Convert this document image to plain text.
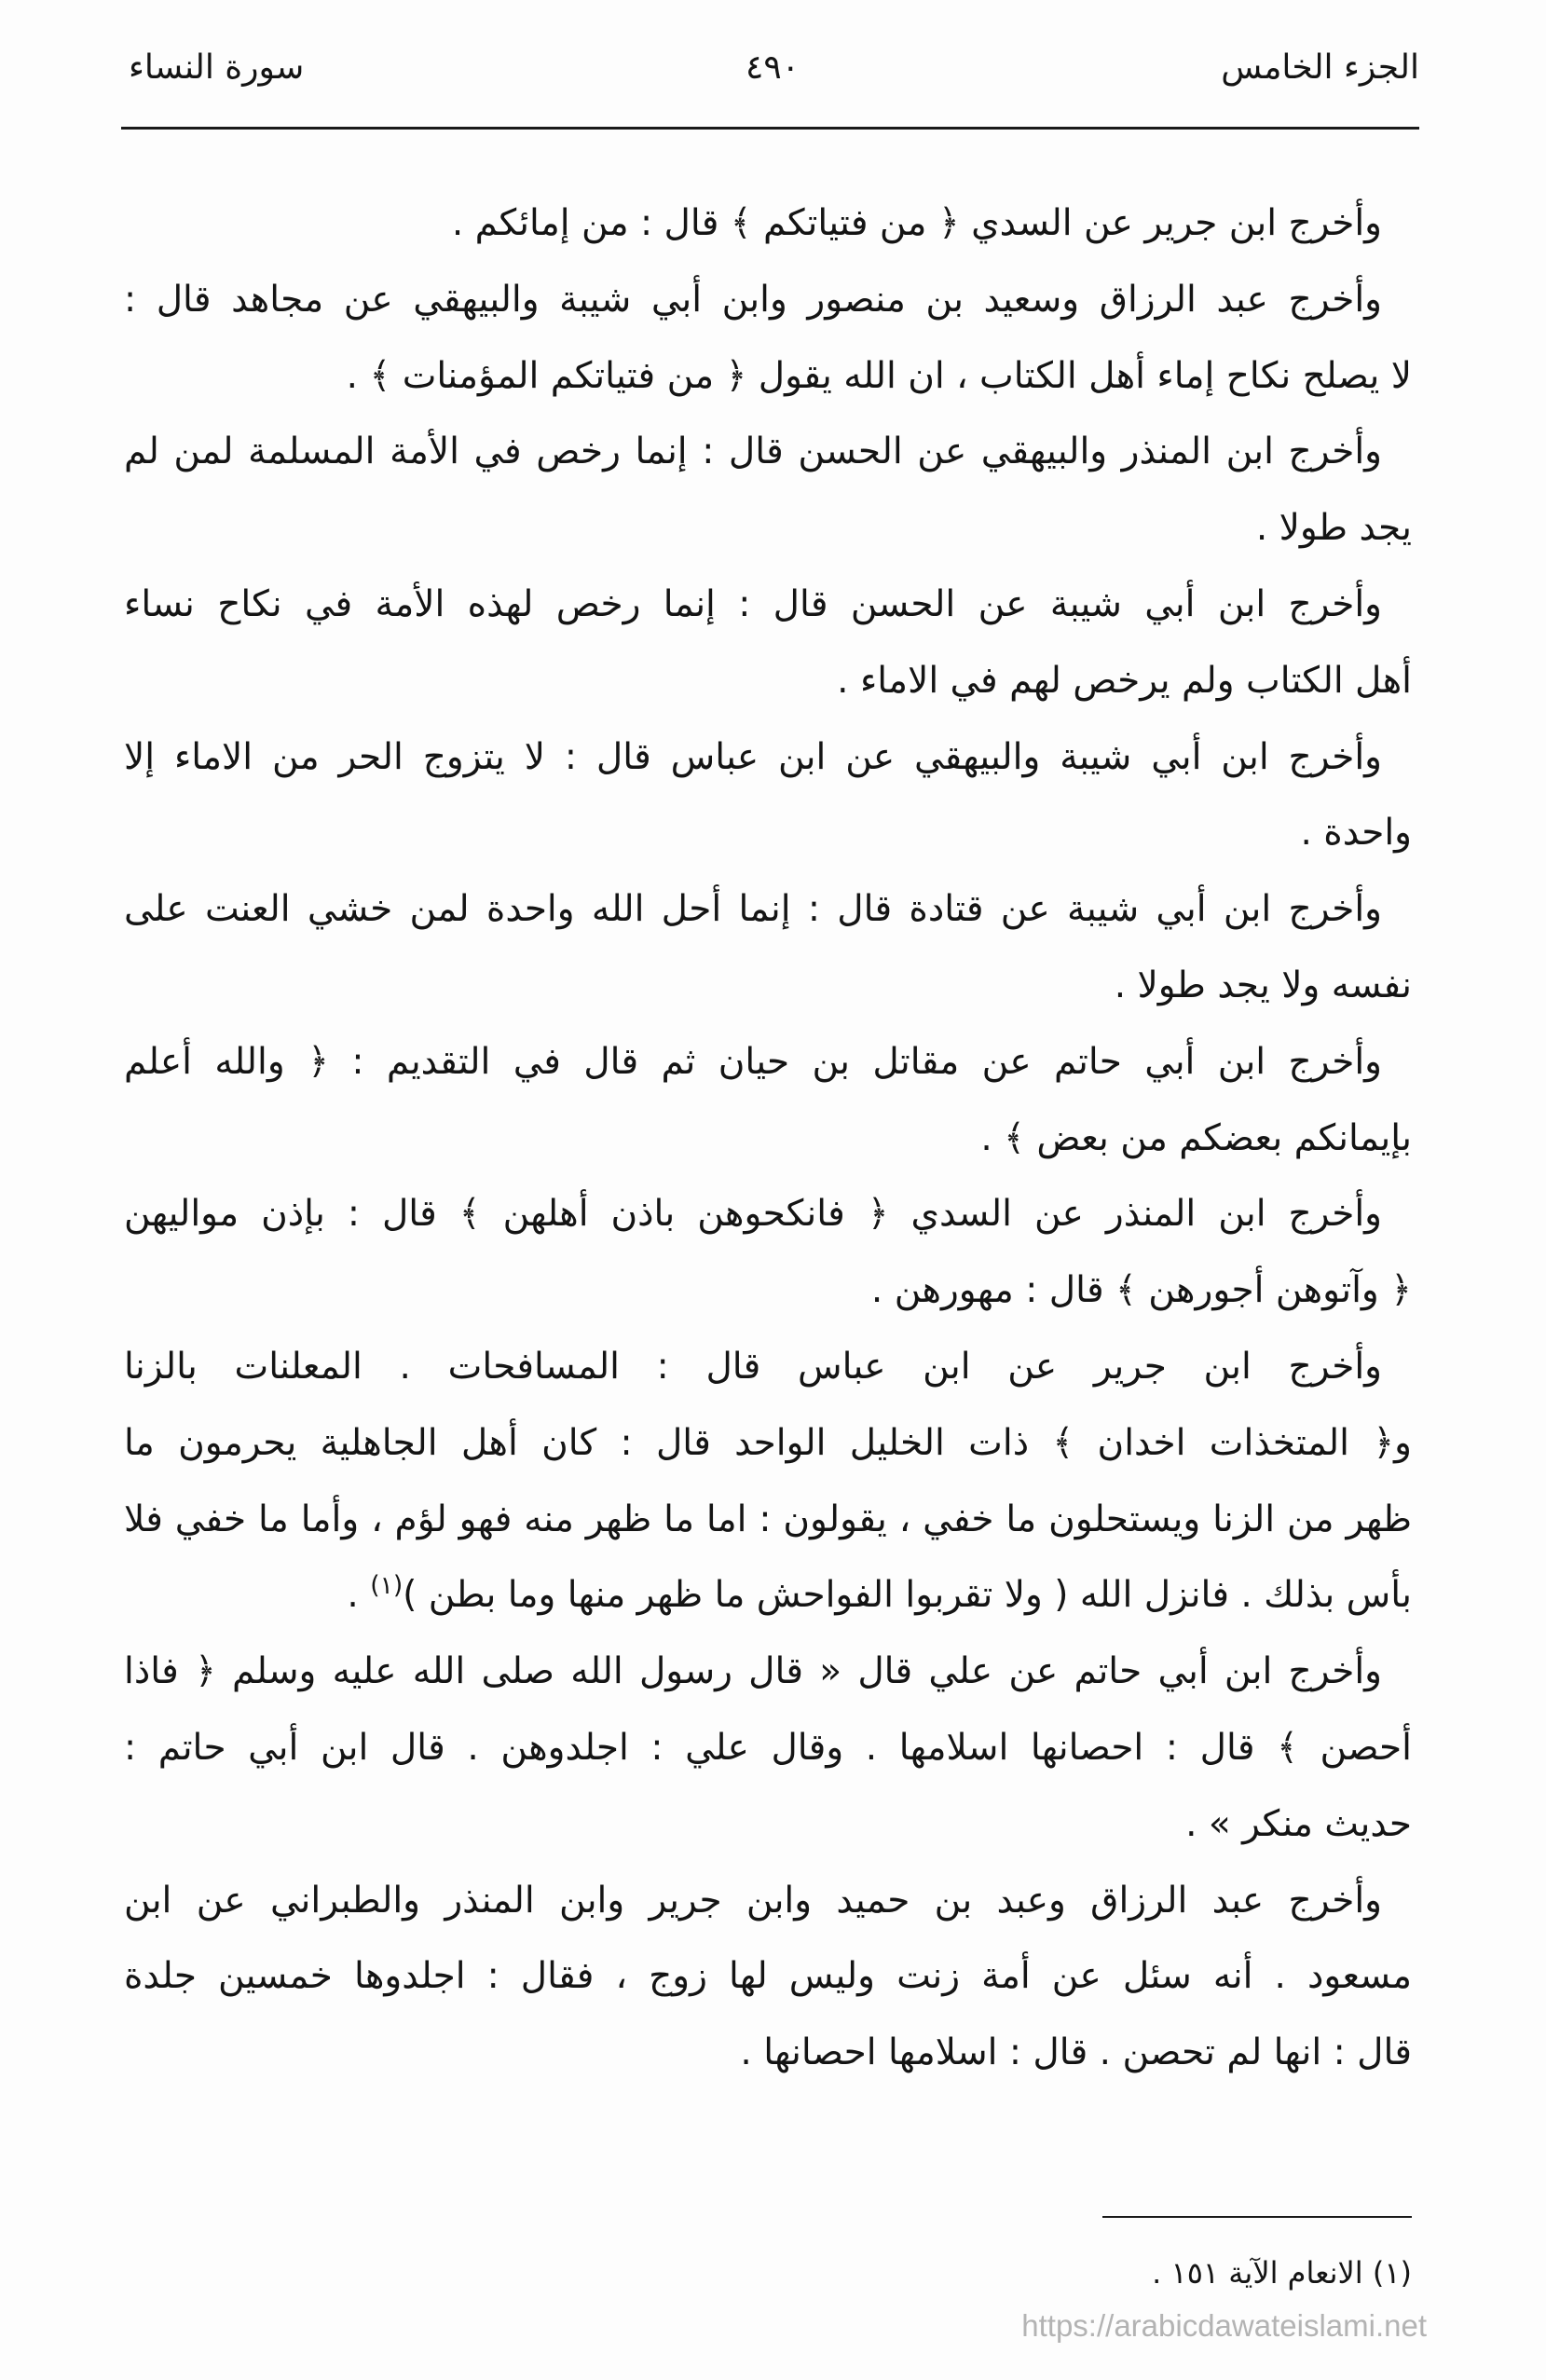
الجزء الخامس
٤٩٠
سورة النساء
وأخرج ابن جرير عن السدي ﴿ من فتياتكم ﴾ قال : من إمائكم .
وأخرج عبد الرزاق وسعيد بن منصور وابن أبي شيبة والبيهقي عن مجاهد قال :
لا يصلح نكاح إماء أهل الكتاب ، ان الله يقول ﴿ من فتياتكم المؤمنات ﴾ .
وأخرج ابن المنذر والبيهقي عن الحسن قال : إنما رخص في الأمة المسلمة لمن لم
يجد طولا .
وأخرج ابن أبي شيبة عن الحسن قال : إنما رخص لهذه الأمة في نكاح نساء
أهل الكتاب ولم يرخص لهم في الاماء .
وأخرج ابن أبي شيبة والبيهقي عن ابن عباس قال : لا يتزوج الحر من الاماء إلا
واحدة .
وأخرج ابن أبي شيبة عن قتادة قال : إنما أحل الله واحدة لمن خشي العنت على
نفسه ولا يجد طولا .
وأخرج ابن أبي حاتم عن مقاتل بن حيان ثم قال في التقديم : ﴿ والله أعلم
بإيمانكم بعضكم من بعض ﴾ .
وأخرج ابن المنذر عن السدي ﴿ فانكحوهن باذن أهلهن ﴾ قال : بإذن مواليهن
﴿ وآتوهن أجورهن ﴾ قال : مهورهن .
وأخرج ابن جرير عن ابن عباس قال : المسافحات . المعلنات بالزنا
و﴿ المتخذات اخدان ﴾ ذات الخليل الواحد قال : كان أهل الجاهلية يحرمون ما
ظهر من الزنا ويستحلون ما خفي ، يقولون : اما ما ظهر منه فهو لؤم ، وأما ما خفي فلا
بأس بذلك . فانزل الله ( ولا تقربوا الفواحش ما ظهر منها وما بطن )$^{(١)}$ .
وأخرج ابن أبي حاتم عن علي قال « قال رسول الله صلى الله عليه وسلم ﴿ فاذا
أحصن ﴾ قال : احصانها اسلامها . وقال علي : اجلدوهن . قال ابن أبي حاتم :
حديث منكر » .
وأخرج عبد الرزاق وعبد بن حميد وابن جرير وابن المنذر والطبراني عن ابن
مسعود . أنه سئل عن أمة زنت وليس لها زوج ، فقال : اجلدوها خمسين جلدة
قال : انها لم تحصن . قال : اسلامها احصانها .
(١) الانعام الآية ١٥١ .
https://arabicdawateislami.net
